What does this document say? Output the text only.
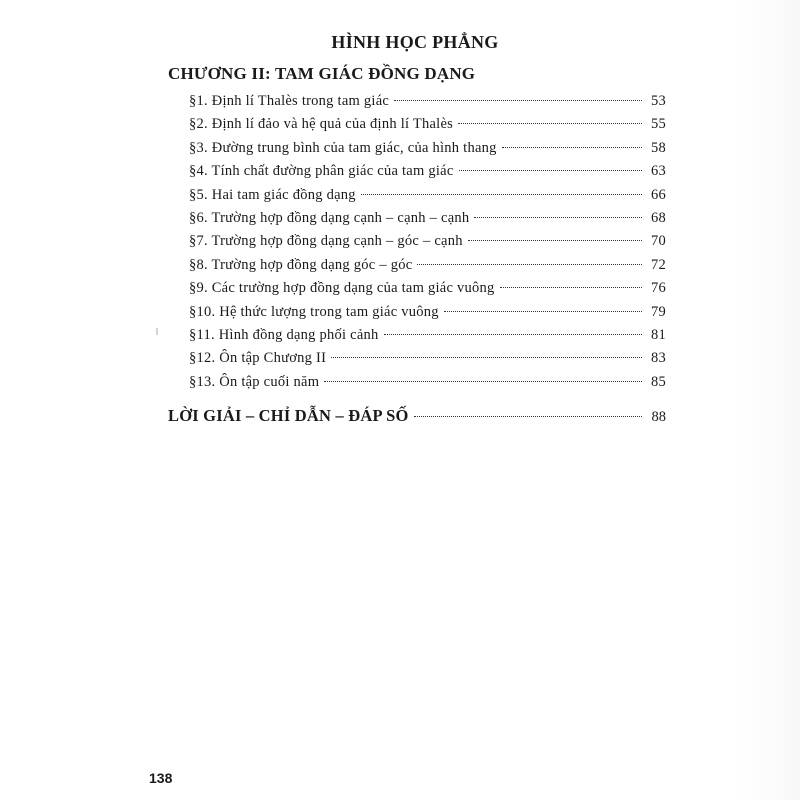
HÌNH HỌC PHẲNG
CHƯƠNG II: TAM GIÁC ĐỒNG DẠNG
§1. Định lí Thalès trong tam giác	53
§2. Định lí đảo và hệ quả của định lí Thalès	55
§3. Đường trung bình của tam giác, của hình thang	58
§4. Tính chất đường phân giác của tam giác	63
§5. Hai tam giác đồng dạng	66
§6. Trường hợp đồng dạng cạnh – cạnh – cạnh	68
§7. Trường hợp đồng dạng cạnh – góc – cạnh	70
§8. Trường hợp đồng dạng góc – góc	72
§9. Các trường hợp đồng dạng của tam giác vuông	76
§10. Hệ thức lượng trong tam giác vuông	79
§11. Hình đồng dạng phối cảnh	81
§12. Ôn tập Chương II	83
§13. Ôn tập cuối năm	85
LỜI GIẢI – CHỈ DẪN – ĐÁP SỐ	88
138
